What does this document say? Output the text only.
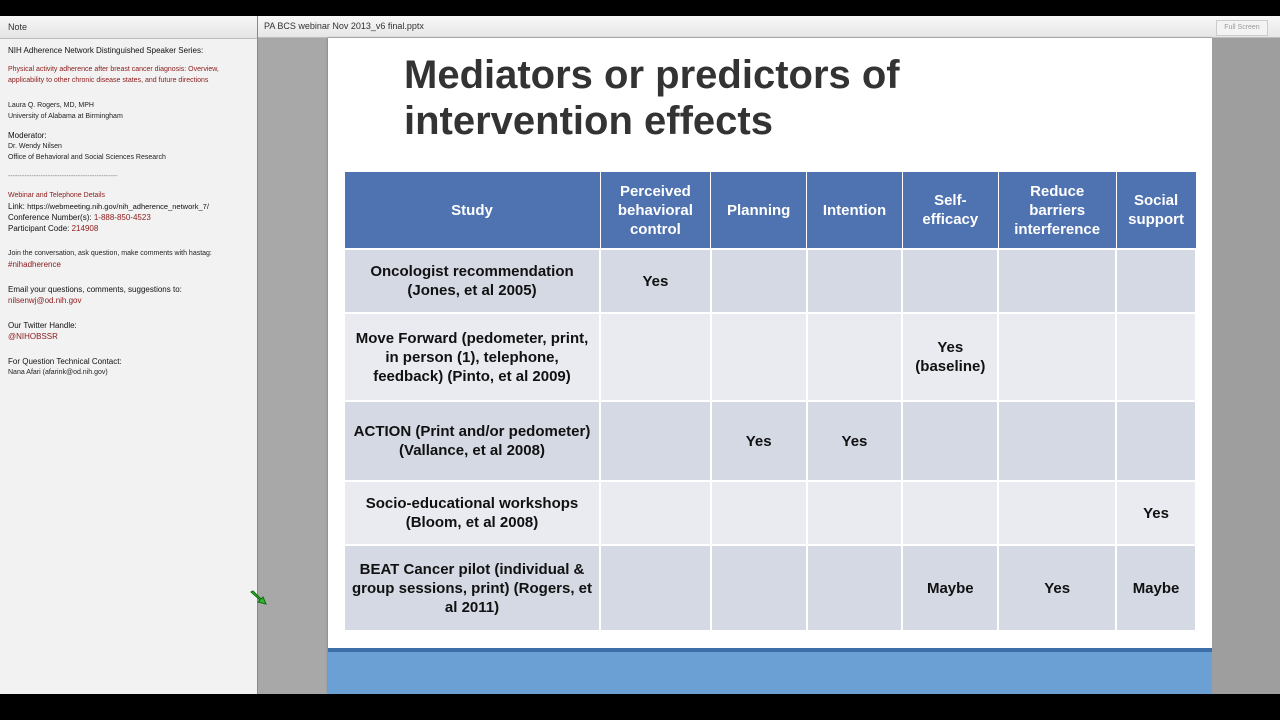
Note
NIH Adherence Network Distinguished Speaker Series:
Physical activity adherence after breast cancer diagnosis: Overview, applicability to other chronic disease states, and future directions
Laura Q. Rogers, MD, MPH
University of Alabama at Birmingham
Moderator:
Dr. Wendy Nilsen
Office of Behavioral and Social Sciences Research
-----------------------------------------------
Webinar and Telephone Details
Link: https://webmeeting.nih.gov/nih_adherence_network_7/
Conference Number(s): 1-888-850-4523
Participant Code: 214908
Join the conversation, ask question, make comments with hastag:
#nihadherence
Email your questions, comments, suggestions to:
nilsenwj@od.nih.gov
Our Twitter Handle:
@NIHOBSSR
For Question Technical Contact:
Nana Afari (afarink@od.nih.gov)
PA BCS webinar Nov 2013_v6 final.pptx	Full Screen
Mediators or predictors of
intervention effects
Study	Perceived behavioral control	Planning	Intention	Self-efficacy	Reduce barriers interference	Social support
Oncologist recommendation (Jones, et al 2005)	Yes					
Move Forward (pedometer, print, in person (1), telephone, feedback) (Pinto, et al 2009)				Yes (baseline)		
ACTION (Print and/or pedometer) (Vallance, et al 2008)		Yes	Yes			
Socio-educational workshops (Bloom, et al 2008)						Yes
BEAT Cancer pilot (individual & group sessions, print) (Rogers, et al 2011)				Maybe	Yes	Maybe
